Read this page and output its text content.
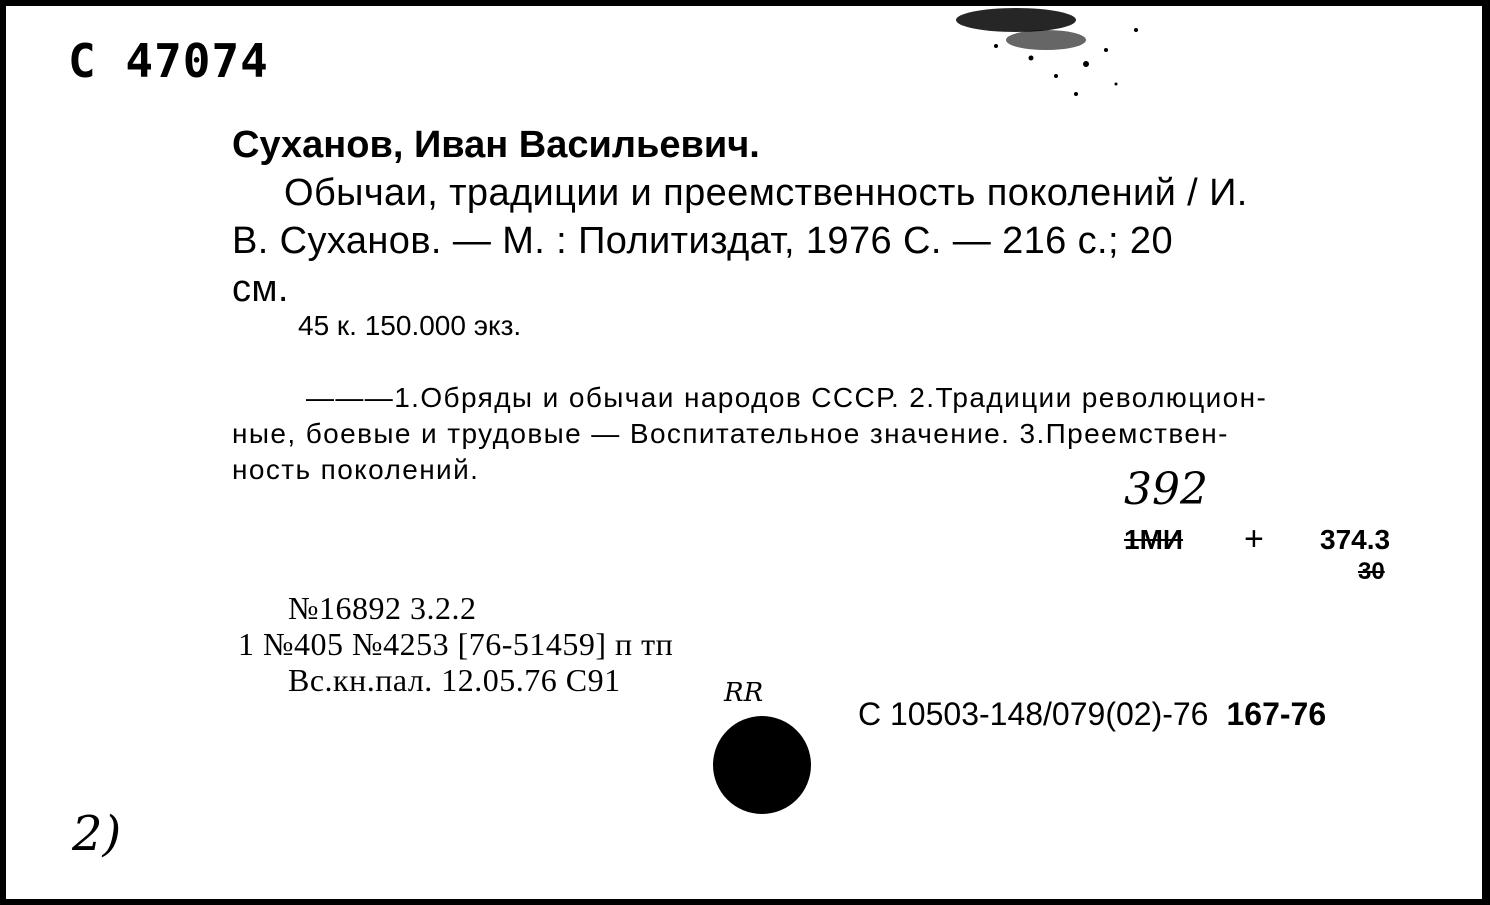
C 47074

Суханов, Иван Васильевич.

Обычаи, традиции и преемственность поколений / И.

В. Суханов. — М. : Политиздат, 1976 С. — 216 с.; 20

см.

45 к. 150.000 экз.

———1.Обряды и обычаи народов СССР. 2.Традиции революцион-

ные, боевые и трудовые — Воспитательное значение. 3.Преемствен-

ность поколений.	392

1МИ + 374.3

30

№16892 3.2.2

1 №405 №4253 [76-51459] п тп

Вс.кн.пал. 12.05.76 С91	RR

С 10503-148/079(02)-76 167-76

2)
